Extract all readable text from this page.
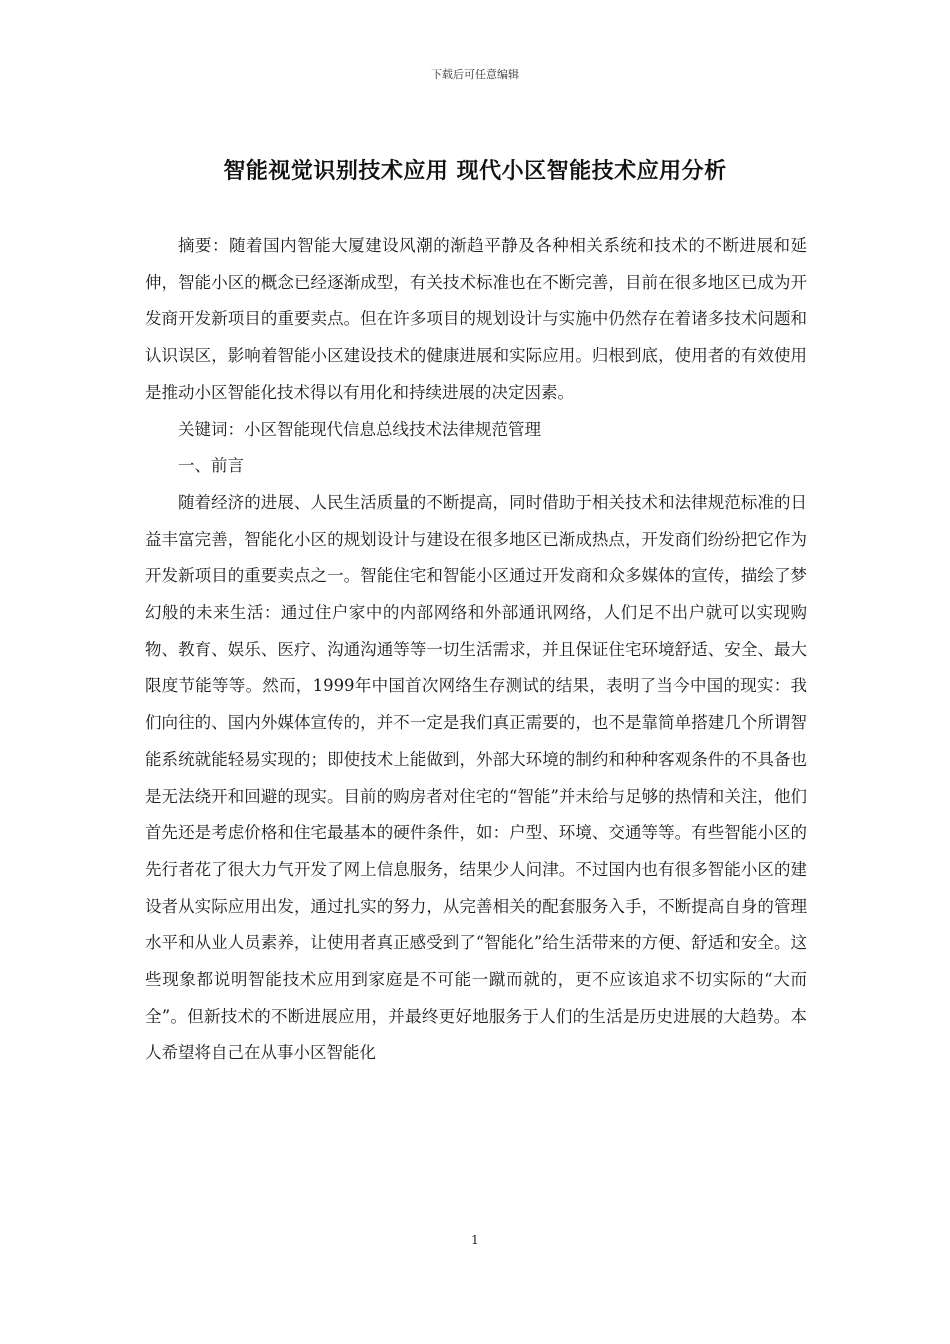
下载后可任意编辑
智能视觉识别技术应用 现代小区智能技术应用分析

摘要：随着国内智能大厦建设风潮的渐趋平静及各种相关系统和技术的不断进展和延伸，智能小区的概念已经逐渐成型，有关技术标准也在不断完善，目前在很多地区已成为开发商开发新项目的重要卖点。但在许多项目的规划设计与实施中仍然存在着诸多技术问题和认识误区，影响着智能小区建设技术的健康进展和实际应用。归根到底，使用者的有效使用是推动小区智能化技术得以有用化和持续进展的决定因素。

关键词：小区智能现代信息总线技术法律规范管理

一、前言

随着经济的进展、人民生活质量的不断提高，同时借助于相关技术和法律规范标准的日益丰富完善，智能化小区的规划设计与建设在很多地区已渐成热点，开发商们纷纷把它作为开发新项目的重要卖点之一。智能住宅和智能小区通过开发商和众多媒体的宣传，描绘了梦幻般的未来生活：通过住户家中的内部网络和外部通讯网络，人们足不出户就可以实现购物、教育、娱乐、医疗、沟通沟通等等一切生活需求，并且保证住宅环境舒适、安全、最大限度节能等等。然而，1999年中国首次网络生存测试的结果，表明了当今中国的现实：我们向往的、国内外媒体宣传的，并不一定是我们真正需要的，也不是靠简单搭建几个所谓智能系统就能轻易实现的；即使技术上能做到，外部大环境的制约和种种客观条件的不具备也是无法绕开和回避的现实。目前的购房者对住宅的“智能”并未给与足够的热情和关注，他们首先还是考虑价格和住宅最基本的硬件条件，如：户型、环境、交通等等。有些智能小区的先行者花了很大力气开发了网上信息服务，结果少人问津。不过国内也有很多智能小区的建设者从实际应用出发，通过扎实的努力，从完善相关的配套服务入手，不断提高自身的管理水平和从业人员素养，让使用者真正感受到了“智能化”给生活带来的方便、舒适和安全。这些现象都说明智能技术应用到家庭是不可能一蹴而就的，更不应该追求不切实际的“大而全”。但新技术的不断进展应用，并最终更好地服务于人们的生活是历史进展的大趋势。本人希望将自己在从事小区智能化

1
